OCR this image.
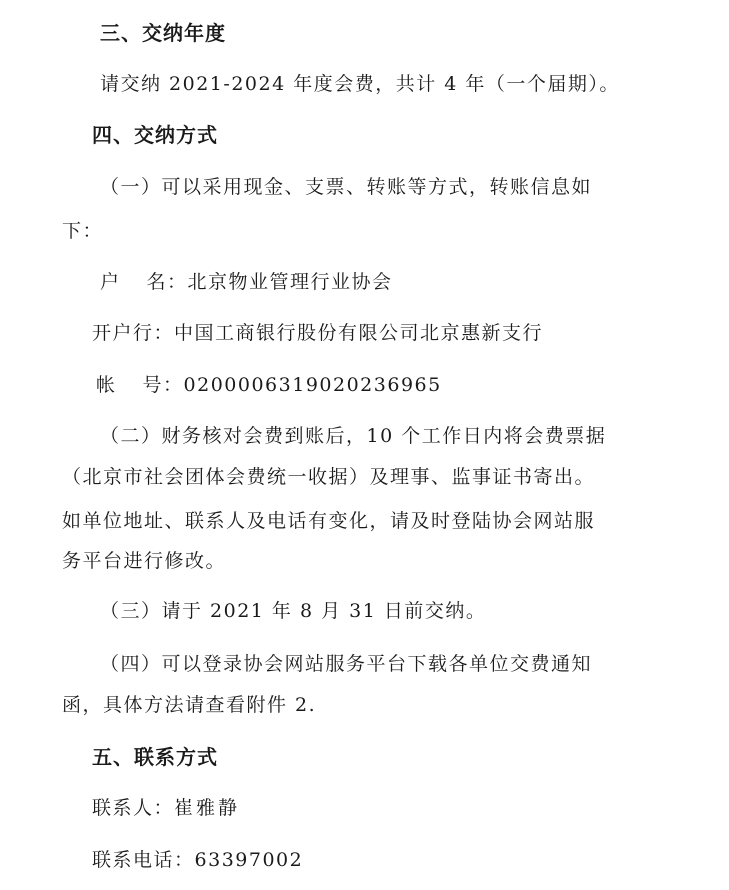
三、交纳年度
请交纳 2021-2024 年度会费，共计 4 年（一个届期）。
四、交纳方式
（一）可以采用现金、支票、转账等方式，转账信息如
下：
户 名：北京物业管理行业协会
开户行：中国工商银行股份有限公司北京惠新支行
帐 号：0200006319020236965
（二）财务核对会费到账后，10 个工作日内将会费票据
（北京市社会团体会费统一收据）及理事、监事证书寄出。
如单位地址、联系人及电话有变化，请及时登陆协会网站服
务平台进行修改。
（三）请于 2021 年 8 月 31 日前交纳。
（四）可以登录协会网站服务平台下载各单位交费通知
函，具体方法请查看附件 2.
五、联系方式
联系人：崔雅静
联系电话：63397002
